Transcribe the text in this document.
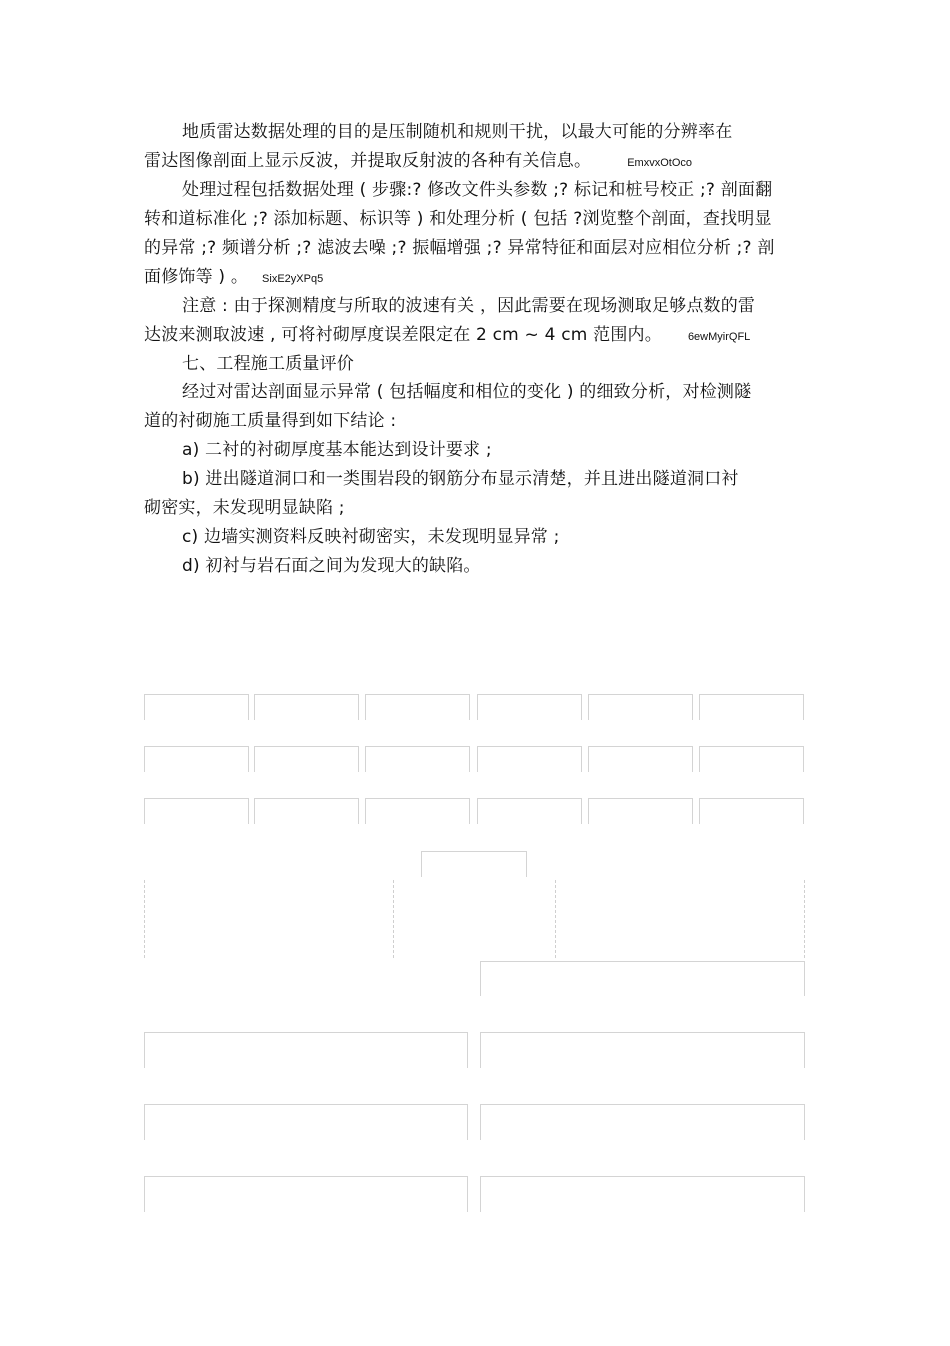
地质雷达数据处理的目的是压制随机和规则干扰，以最大可能的分辨率在
雷达图像剖面上显示反波，并提取反射波的各种有关信息。	EmxvxOtOco
处理过程包括数据处理 ( 步骤:? 修改文件头参数 ;? 标记和桩号校正 ;? 剖面翻
转和道标准化 ;? 添加标题、标识等 ) 和处理分析 ( 包括 ?浏览整个剖面，查找明显
的异常 ;? 频谱分析 ;? 滤波去噪 ;? 振幅增强 ;? 异常特征和面层对应相位分析 ;? 剖
面修饰等 ) 。 SixE2yXPq5
注意 : 由于探测精度与所取的波速有关 ，因此需要在现场测取足够点数的雷
达波来测取波速 , 可将衬砌厚度误差限定在 2 cm ~ 4 cm 范围内。 6ewMyirQFL
七、工程施工质量评价
经过对雷达剖面显示异常 ( 包括幅度和相位的变化 ) 的细致分析，对检测隧
道的衬砌施工质量得到如下结论 :
a) 二衬的衬砌厚度基本能达到设计要求 ;
b) 进出隧道洞口和一类围岩段的钢筋分布显示清楚，并且进出隧道洞口衬
砌密实，未发现明显缺陷 ;
c) 边墙实测资料反映衬砌密实，未发现明显异常 ;
d) 初衬与岩石面之间为发现大的缺陷。
